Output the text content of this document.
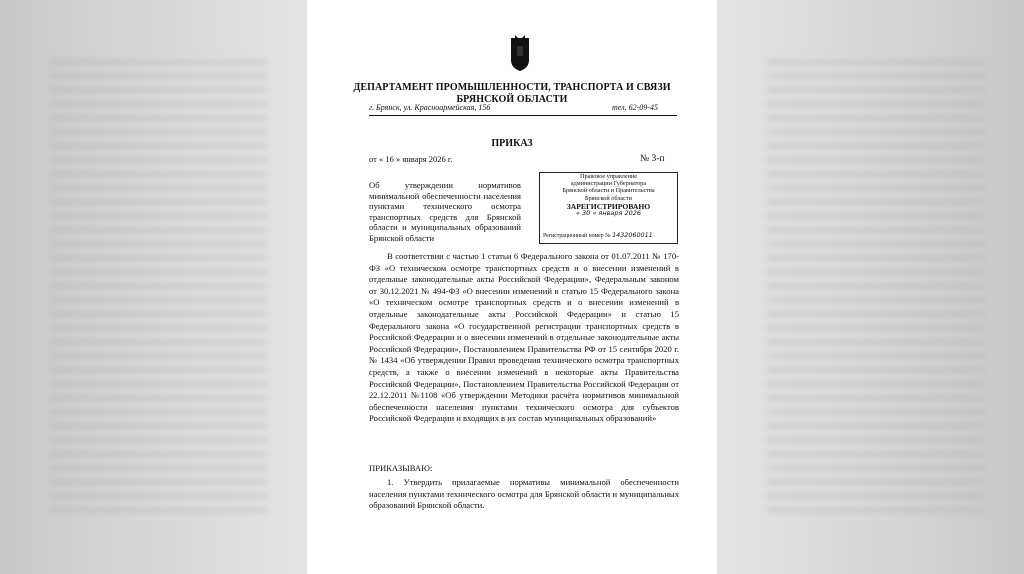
ДЕПАРТАМЕНТ ПРОМЫШЛЕННОСТИ, ТРАНСПОРТА И СВЯЗИ
БРЯНСКОЙ ОБЛАСТИ
г. Брянск, ул. Красноармейская, 156	тел. 62-09-45
ПРИКАЗ
от « 16 » января 2026 г.	№ 3-п
Об утверждении нормативов минимальной обеспеченности населения пунктами технического осмотра транспортных средств для Брянской области и муниципальных образований Брянской области
Правовое управление
администрации Губернатора
Брянской области и Правительства
Брянской области
ЗАРЕГИСТРИРОВАНО
« 30 » января 2026
Регистрационный номер № 1432060011

В соответствии с частью 1 статьи 6 Федерального закона от 01.07.2011 № 170-ФЗ «О техническом осмотре транспортных средств и о внесении изменений в отдельные законодательные акты Российской Федерации», Федеральным законом от 30.12.2021 № 494-ФЗ «О внесении изменений в статью 15 Федерального закона «О техническом осмотре транспортных средств и о внесении изменений в отдельные законодательные акты Российской Федерации» и статью 15 Федерального закона «О государственной регистрации транспортных средств в Российской Федерации и о внесении изменений в отдельные законодательные акты Российской Федерации», Постановлением Правительства РФ от 15 сентября 2020 г. № 1434 «Об утверждении Правил проведения технического осмотра транспортных средств, а также о внесении изменений в некоторые акты Правительства Российской Федерации», Постановлением Правительства Российской Федерации от 22.12.2011 №1108 «Об утверждении Методики расчёта нормативов минимальной обеспеченности населения пунктами технического осмотра для субъектов Российской Федерации и входящих в их состав муниципальных образований»

ПРИКАЗЫВАЮ:

1. Утвердить прилагаемые нормативы минимальной обеспеченности населения пунктами технического осмотра для Брянской области и муниципальных образований Брянской области.
